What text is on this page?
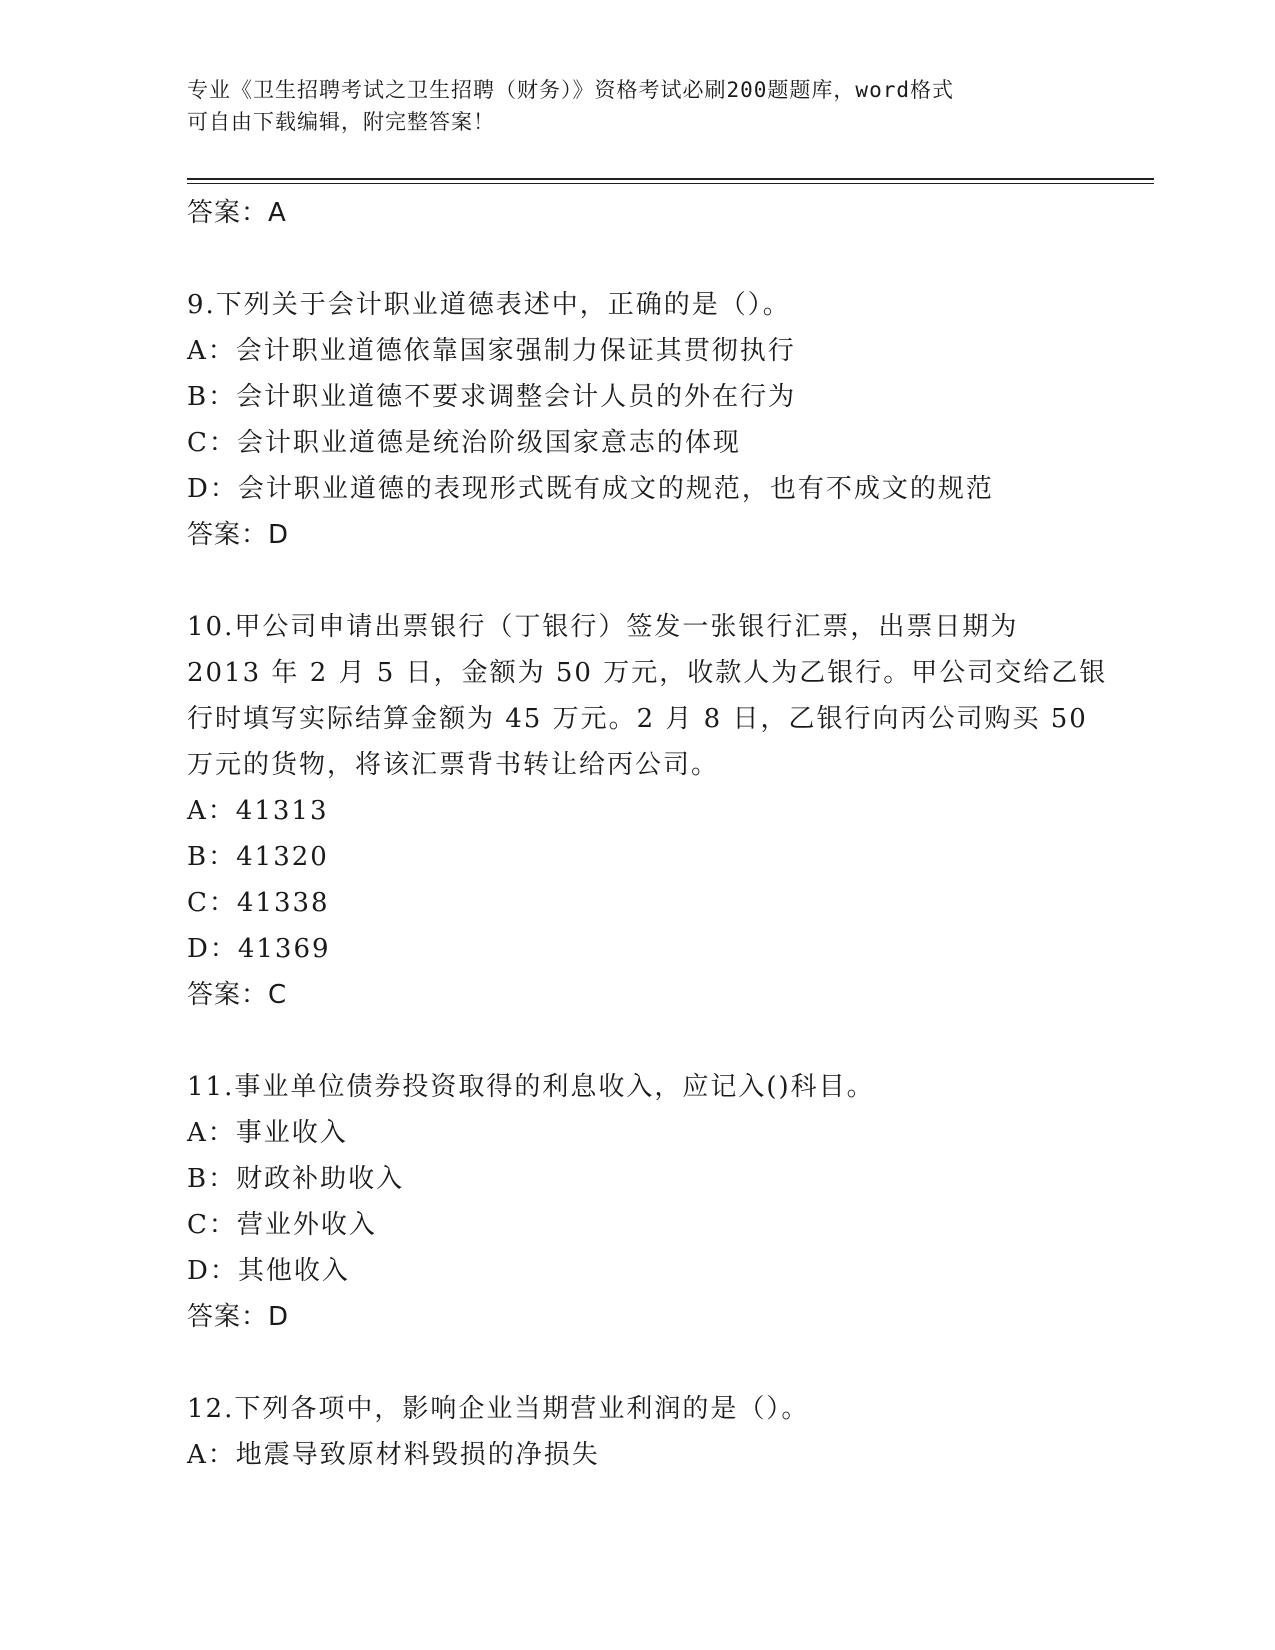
专业《卫生招聘考试之卫生招聘（财务）》资格考试必刷200题题库，word格式
可自由下载编辑，附完整答案！
答案：A
9.下列关于会计职业道德表述中，正确的是（）。
A：会计职业道德依靠国家强制力保证其贯彻执行
B：会计职业道德不要求调整会计人员的外在行为
C：会计职业道德是统治阶级国家意志的体现
D：会计职业道德的表现形式既有成文的规范，也有不成文的规范
答案：D
10.甲公司申请出票银行（丁银行）签发一张银行汇票，出票日期为
2013 年 2 月 5 日，金额为 50 万元，收款人为乙银行。甲公司交给乙银
行时填写实际结算金额为 45 万元。2 月 8 日，乙银行向丙公司购买 50
万元的货物，将该汇票背书转让给丙公司。
A：41313
B：41320
C：41338
D：41369
答案：C
11.事业单位债券投资取得的利息收入，应记入()科目。
A：事业收入
B：财政补助收入
C：营业外收入
D：其他收入
答案：D
12.下列各项中，影响企业当期营业利润的是（）。
A：地震导致原材料毁损的净损失
